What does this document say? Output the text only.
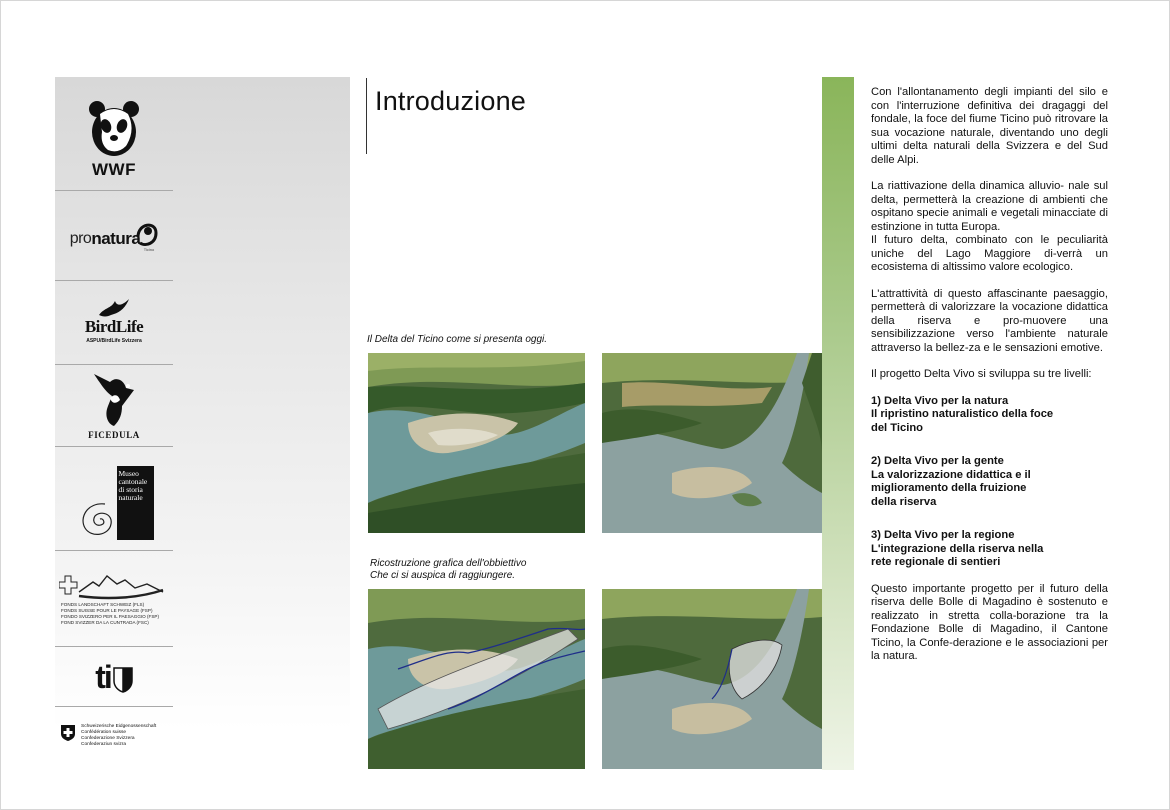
WWF
pro natura
Ticino
BirdLife
ASPU/BirdLife Svizzera
FICEDULA
Museo
cantonale
di storia
naturale
FONDS LANDSCHAFT SCHWEIZ (FLS)
FONDS SUISSE POUR LE PAYSAGE (FSP)
FONDO SVIZZERO PER IL PAESAGGIO (FSP)
FOND SVIZZER DA LA CUNTRADA (FSC)
ti
Schweizerische Eidgenossenschaft
Confédération suisse
Confederazione Svizzera
Confederaziun svizra
Introduzione
Il Delta del Ticino come si presenta oggi.
Ricostruzione grafica dell'obbiettivo
Che ci si auspica di raggiungere.

Con l'allontanamento degli impianti del silo e con l'interruzione definitiva dei dragaggi del fondale, la foce del fiume Ticino può ritrovare la sua vocazione naturale, diventando uno degli ultimi delta naturali della Svizzera e del Sud delle Alpi.

La riattivazione della dinamica alluvio- nale sul delta, permetterà la creazione di ambienti che ospitano specie animali e vegetali minacciate di estinzione in tutta Europa.

Il futuro delta, combinato con le peculiarità uniche del Lago Maggiore di-verrà un ecosistema di altissimo valore ecologico.

L'attrattività di questo affascinante paesaggio, permetterà di valorizzare la vocazione didattica della riserva e pro-muovere una sensibilizzazione verso l'ambiente naturale attraverso la bellez-za e le sensazioni emotive.

Il progetto Delta Vivo si sviluppa su tre livelli:

1) Delta Vivo per la natura

Il ripristino naturalistico della foce

del Ticino

2) Delta Vivo per la gente

La valorizzazione didattica e il

miglioramento della fruizione

della riserva

3) Delta Vivo per la regione

L'integrazione della riserva nella

rete regionale di sentieri

Questo importante progetto per il futuro della riserva delle Bolle di Magadino è sostenuto e realizzato in stretta colla-borazione tra la Fondazione Bolle di Magadino, il Cantone Ticino, la Confe-derazione e le associazioni per la natura.
